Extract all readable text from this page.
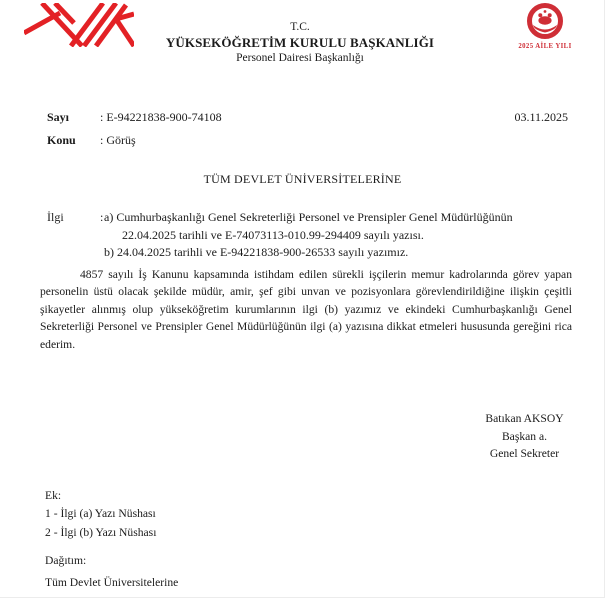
T.C.
YÜKSEKÖĞRETİM KURULU BAŞKANLIĞI
Personel Dairesi Başkanlığı
2025 AİLE YILI
Sayı	: E-94221838-900-74108	03.11.2025
Konu : Görüş
TÜM DEVLET ÜNİVERSİTELERİNE
İlgi	: a) Cumhurbaşkanlığı Genel Sekreterliği Personel ve Prensipler Genel Müdürlüğünün
22.04.2025 tarihli ve E-74073113-010.99-294409 sayılı yazısı.
b) 24.04.2025 tarihli ve E-94221838-900-26533 sayılı yazımız.
4857 sayılı İş Kanunu kapsamında istihdam edilen sürekli işçilerin memur kadrolarında görev yapan personelin üstü olacak şekilde müdür, amir, şef gibi unvan ve pozisyonlara görevlendirildiğine ilişkin çeşitli şikayetler alınmış olup yükseköğretim kurumlarının ilgi (b) yazımız ve ekindeki Cumhurbaşkanlığı Genel Sekreterliği Personel ve Prensipler Genel Müdürlüğünün ilgi (a) yazısına dikkat etmeleri hususunda gereğini rica ederim.
Batıkan AKSOY
Başkan a.
Genel Sekreter
Ek:
1 - İlgi (a) Yazı Nüshası
2 - İlgi (b) Yazı Nüshası
Dağıtım:
Tüm Devlet Üniversitelerine
